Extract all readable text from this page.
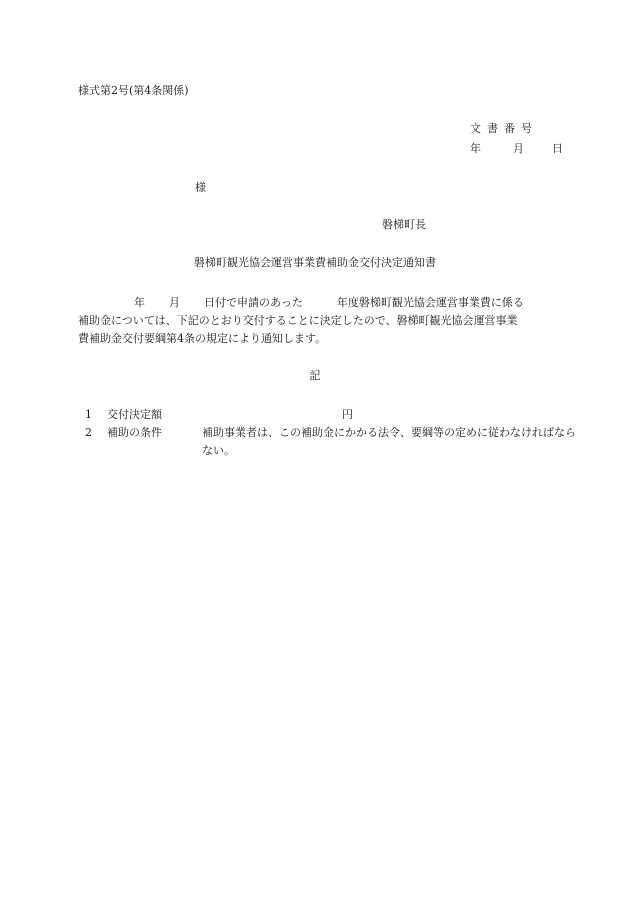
様式第2号(第4条関係)
文書番号
年	月	日
様
磐梯町長
磐梯町観光協会運営事業費補助金交付決定通知書
年 月 日付で申請のあった	年度磐梯町観光協会運営事業費に係る
補助金については、下記のとおり交付することに決定したので、磐梯町観光協会運営事業
費補助金交付要綱第4条の規定により通知します。
記
1	交付決定額	円
2	補助の条件	補助事業者は、この補助金にかかる法令、要綱等の定めに従わなければならない。
